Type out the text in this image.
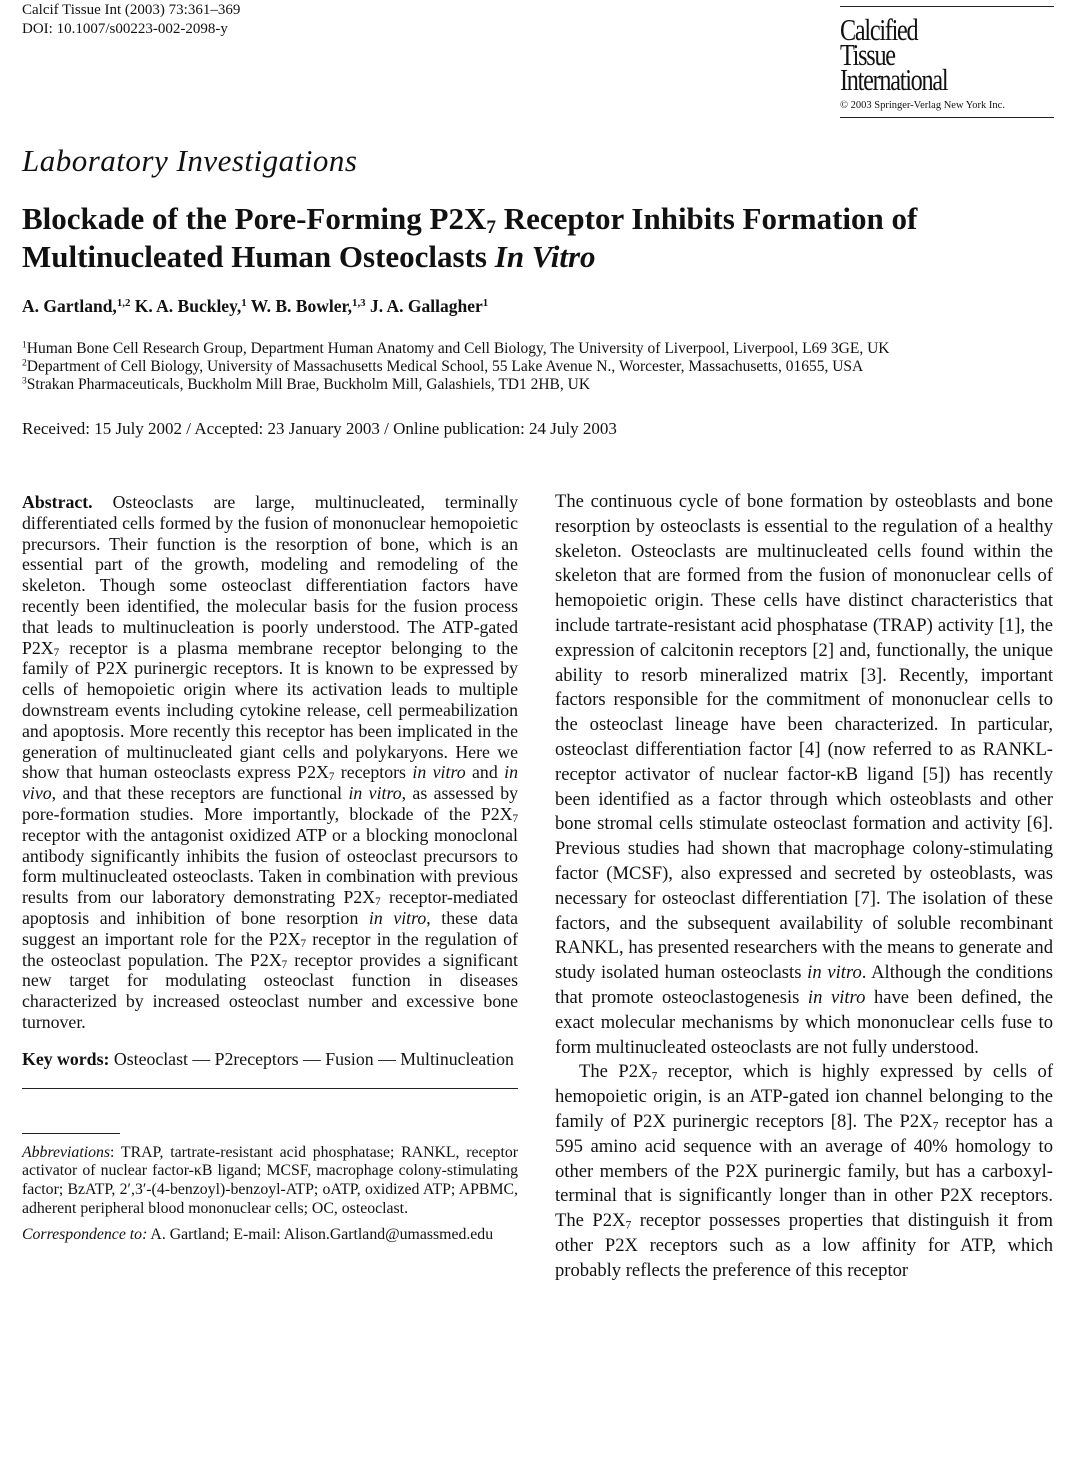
Calcif Tissue Int (2003) 73:361–369
DOI: 10.1007/s00223-002-2098-y	Calcified
Tissue
International
© 2003 Springer-Verlag New York Inc.
Laboratory Investigations
Blockade of the Pore-Forming $P2X_7$ Receptor Inhibits Formation of Multinucleated Human Osteoclasts In Vitro
A. Gartland,$^{1,2}$ K. A. Buckley,$^1$ W. B. Bowler,$^{1,3}$ J. A. Gallagher$^1$
$^1$Human Bone Cell Research Group, Department Human Anatomy and Cell Biology, The University of Liverpool, Liverpool, L69 3GE, UK
$^2$Department of Cell Biology, University of Massachusetts Medical School, 55 Lake Avenue N., Worcester, Massachusetts, 01655, USA
$^3$Strakan Pharmaceuticals, Buckholm Mill Brae, Buckholm Mill, Galashiels, TD1 2HB, UK
Received: 15 July 2002 / Accepted: 23 January 2003 / Online publication: 24 July 2003

Abstract. Osteoclasts are large, multinucleated, terminally differentiated cells formed by the fusion of mononuclear hemopoietic precursors. Their function is the resorption of bone, which is an essential part of the growth, modeling and remodeling of the skeleton. Though some osteoclast differentiation factors have recently been identified, the molecular basis for the fusion process that leads to multinucleation is poorly understood. The ATP-gated $P2X_7$ receptor is a plasma membrane receptor belonging to the family of P2X purinergic receptors. It is known to be expressed by cells of hemopoietic origin where its activation leads to multiple downstream events including cytokine release, cell permeabilization and apoptosis. More recently this receptor has been implicated in the generation of multinucleated giant cells and polykaryons. Here we show that human osteoclasts express $P2X_7$ receptors in vitro and in vivo, and that these receptors are functional in vitro, as assessed by pore-formation studies. More importantly, blockade of the $P2X_7$ receptor with the antagonist oxidized ATP or a blocking monoclonal antibody significantly inhibits the fusion of osteoclast precursors to form multinucleated osteoclasts. Taken in combination with previous results from our laboratory demonstrating $P2X_7$ receptor-mediated apoptosis and inhibition of bone resorption in vitro, these data suggest an important role for the $P2X_7$ receptor in the regulation of the osteoclast population. The $P2X_7$ receptor provides a significant new target for modulating osteoclast function in diseases characterized by increased osteoclast number and excessive bone turnover.

Key words: Osteoclast — P2receptors — Fusion — Multinucleation

Abbreviations: TRAP, tartrate-resistant acid phosphatase; RANKL, receptor activator of nuclear factor-κB ligand; MCSF, macrophage colony-stimulating factor; BzATP, 2′,3′-(4-benzoyl)-benzoyl-ATP; oATP, oxidized ATP; APBMC, adherent peripheral blood mononuclear cells; OC, osteoclast.

Correspondence to: A. Gartland; E-mail: Alison.Gartland@umassmed.edu

The continuous cycle of bone formation by osteoblasts and bone resorption by osteoclasts is essential to the regulation of a healthy skeleton. Osteoclasts are multinucleated cells found within the skeleton that are formed from the fusion of mononuclear cells of hemopoietic origin. These cells have distinct characteristics that include tartrate-resistant acid phosphatase (TRAP) activity [1], the expression of calcitonin receptors [2] and, functionally, the unique ability to resorb mineralized matrix [3]. Recently, important factors responsible for the commitment of mononuclear cells to the osteoclast lineage have been characterized. In particular, osteoclast differentiation factor [4] (now referred to as RANKL-receptor activator of nuclear factor-κB ligand [5]) has recently been identified as a factor through which osteoblasts and other bone stromal cells stimulate osteoclast formation and activity [6]. Previous studies had shown that macrophage colony-stimulating factor (MCSF), also expressed and secreted by osteoblasts, was necessary for osteoclast differentiation [7]. The isolation of these factors, and the subsequent availability of soluble recombinant RANKL, has presented researchers with the means to generate and study isolated human osteoclasts in vitro. Although the conditions that promote osteoclastogenesis in vitro have been defined, the exact molecular mechanisms by which mononuclear cells fuse to form multinucleated osteoclasts are not fully understood.

The $P2X_7$ receptor, which is highly expressed by cells of hemopoietic origin, is an ATP-gated ion channel belonging to the family of P2X purinergic receptors [8]. The $P2X_7$ receptor has a 595 amino acid sequence with an average of 40% homology to other members of the P2X purinergic family, but has a carboxyl-terminal that is significantly longer than in other P2X receptors. The $P2X_7$ receptor possesses properties that distinguish it from other P2X receptors such as a low affinity for ATP, which probably reflects the preference of this receptor
